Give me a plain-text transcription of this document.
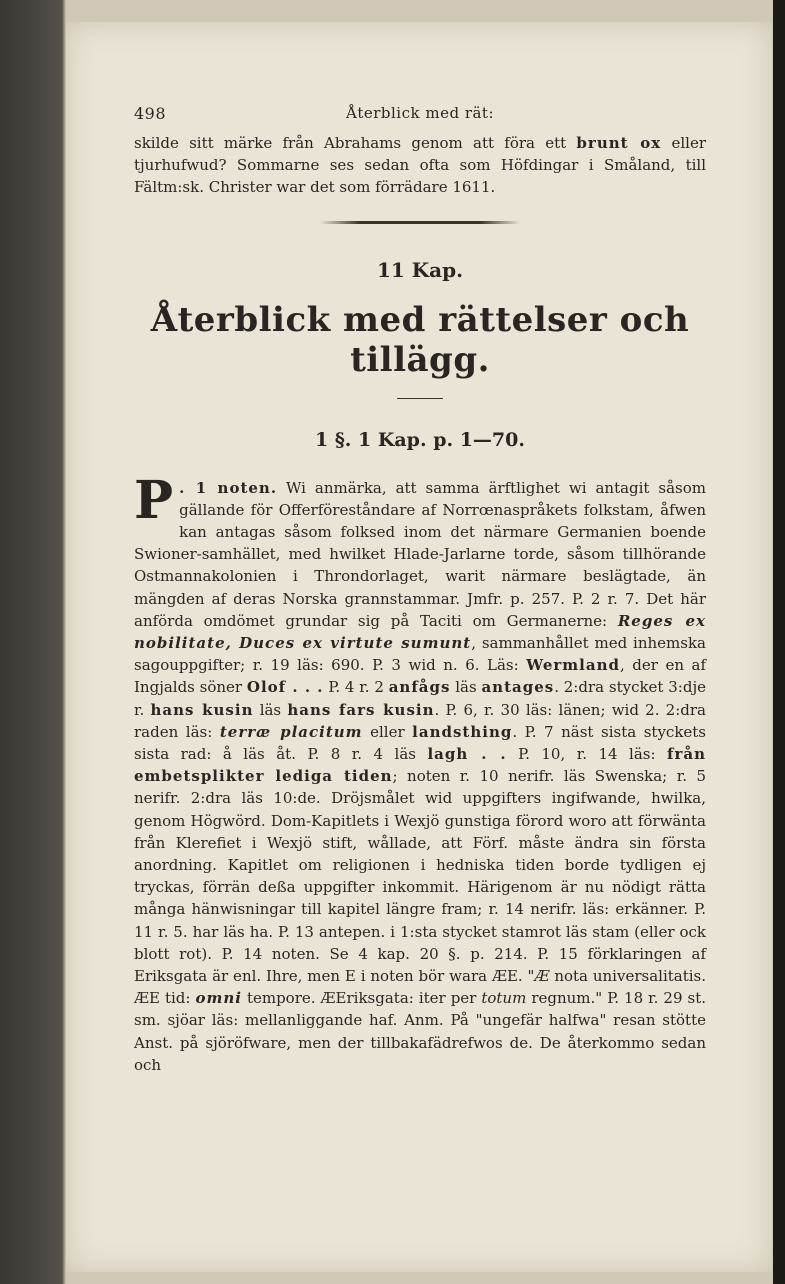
498	Återblick med rät:

skilde sitt märke från Abrahams genom att föra ett brunt ox eller tjurhufwud? Sommarne ses sedan ofta som Höfdingar i Småland, till Fältm:sk. Christer war det som förrädare 1611.

11 Kap.
Återblick med rättelser och
tillägg.
1 §. 1 Kap. p. 1—70.
P . 1 noten. Wi anmärka, att samma ärftlighet wi antagit såsom gällande för Offerföreståndare af Norrœnaspråkets folkstam, åfwen kan antagas såsom folksed inom det närmare Germanien boende Swioner-samhället, med hwilket Hlade-Jarlarne torde, såsom tillhörande Ostmannakolonien i Throndorlaget, warit närmare beslägtade, än mängden af deras Norska grannstammar. Jmfr. p. 257. P. 2 r. 7. Det här anförda omdömet grundar sig på Taciti om Germanerne: Reges ex nobilitate, Duces ex virtute sumunt, sammanhållet med inhemska sagouppgifter; r. 19 läs: 690. P. 3 wid n. 6. Läs: Wermland, der en af Ingjalds söner Olof . . . P. 4 r. 2 anfågs läs antages. 2:dra stycket 3:dje r. hans kusin läs hans fars kusin. P. 6, r. 30 läs: länen; wid 2. 2:dra raden läs: terræ placitum eller landsthing. P. 7 näst sista styckets sista rad: å läs åt. P. 8 r. 4 läs lagh . . P. 10, r. 14 läs: från embetsplikter lediga tiden; noten r. 10 nerifr. läs Swenska; r. 5 nerifr. 2:dra läs 10:de. Dröjsmålet wid uppgifters ingifwande, hwilka, genom Högwörd. Dom-Kapitlets i Wexjö gunstiga förord woro att förwänta från Klerefiet i Wexjö stift, wållade, att Förf. måste ändra sin första anordning. Kapitlet om religionen i hedniska tiden borde tydligen ej tryckas, förrän deßa uppgifter inkommit. Härigenom är nu nödigt rätta många hänwisningar till kapitel längre fram; r. 14 nerifr. läs: erkänner. P. 11 r. 5. har läs ha. P. 13 antepen. i 1:sta stycket stamrot läs stam (eller ock blott rot). P. 14 noten. Se 4 kap. 20 §. p. 214. P. 15 förklaringen af Eriksgata är enl. Ihre, men E i noten bör wara ÆE. "Æ nota universalitatis. ÆE tid: omni tempore. ÆEriksgata: iter per totum regnum." P. 18 r. 29 st. sm. sjöar läs: mellanliggande haf. Anm. På "ungefär halfwa" resan stötte Anst. på sjöröfware, men der tillbakafädrefwos de. De återkommo sedan och
